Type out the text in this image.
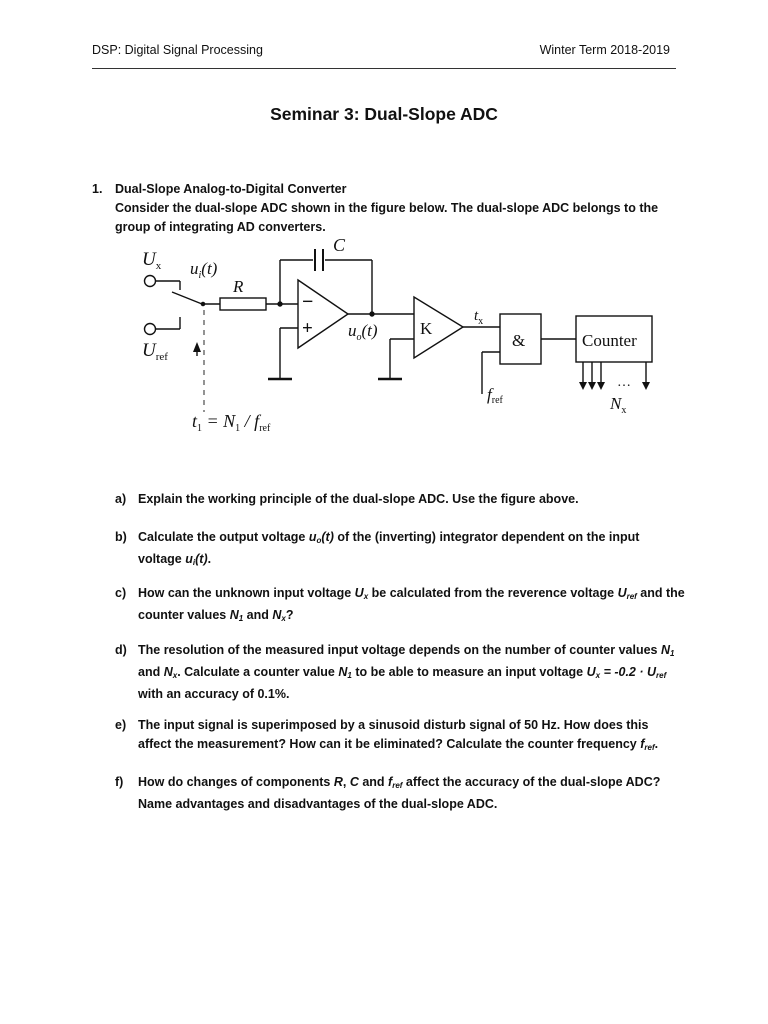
DSP: Digital Signal Processing	Winter Term 2018-2019
Seminar 3: Dual-Slope ADC
1. Dual-Slope Analog-to-Digital Converter
Consider the dual-slope ADC shown in the figure below. The dual-slope ADC belongs to the group of integrating AD converters.
$U_x$ $u_i(t)$
R
C
−
+ $u_o(t)$ K
$t_x$
&	Counter
…
fref	$N_x$
$U_{ref}$
$t_1 = N_1 / f_{ref}$
a) Explain the working principle of the dual-slope ADC. Use the figure above.
b) Calculate the output voltage $u_o(t)$ of the (inverting) integrator dependent on the input voltage $u_i(t)$.
c) How can the unknown input voltage $U_x$ be calculated from the reverence voltage $U_{ref}$ and the counter values $N_1$ and $N_x$?
d) The resolution of the measured input voltage depends on the number of counter values $N_1$ and $N_x$. Calculate a counter value $N_1$ to be able to measure an input voltage $U_x = -0.2 \cdot U_{ref}$ with an accuracy of 0.1%.
e) The input signal is superimposed by a sinusoid disturb signal of 50 Hz. How does this affect the measurement? How can it be eliminated? Calculate the counter frequency $f_{ref}$.
f) How do changes of components R, C and $f_{ref}$ affect the accuracy of the dual-slope ADC? Name advantages and disadvantages of the dual-slope ADC.
